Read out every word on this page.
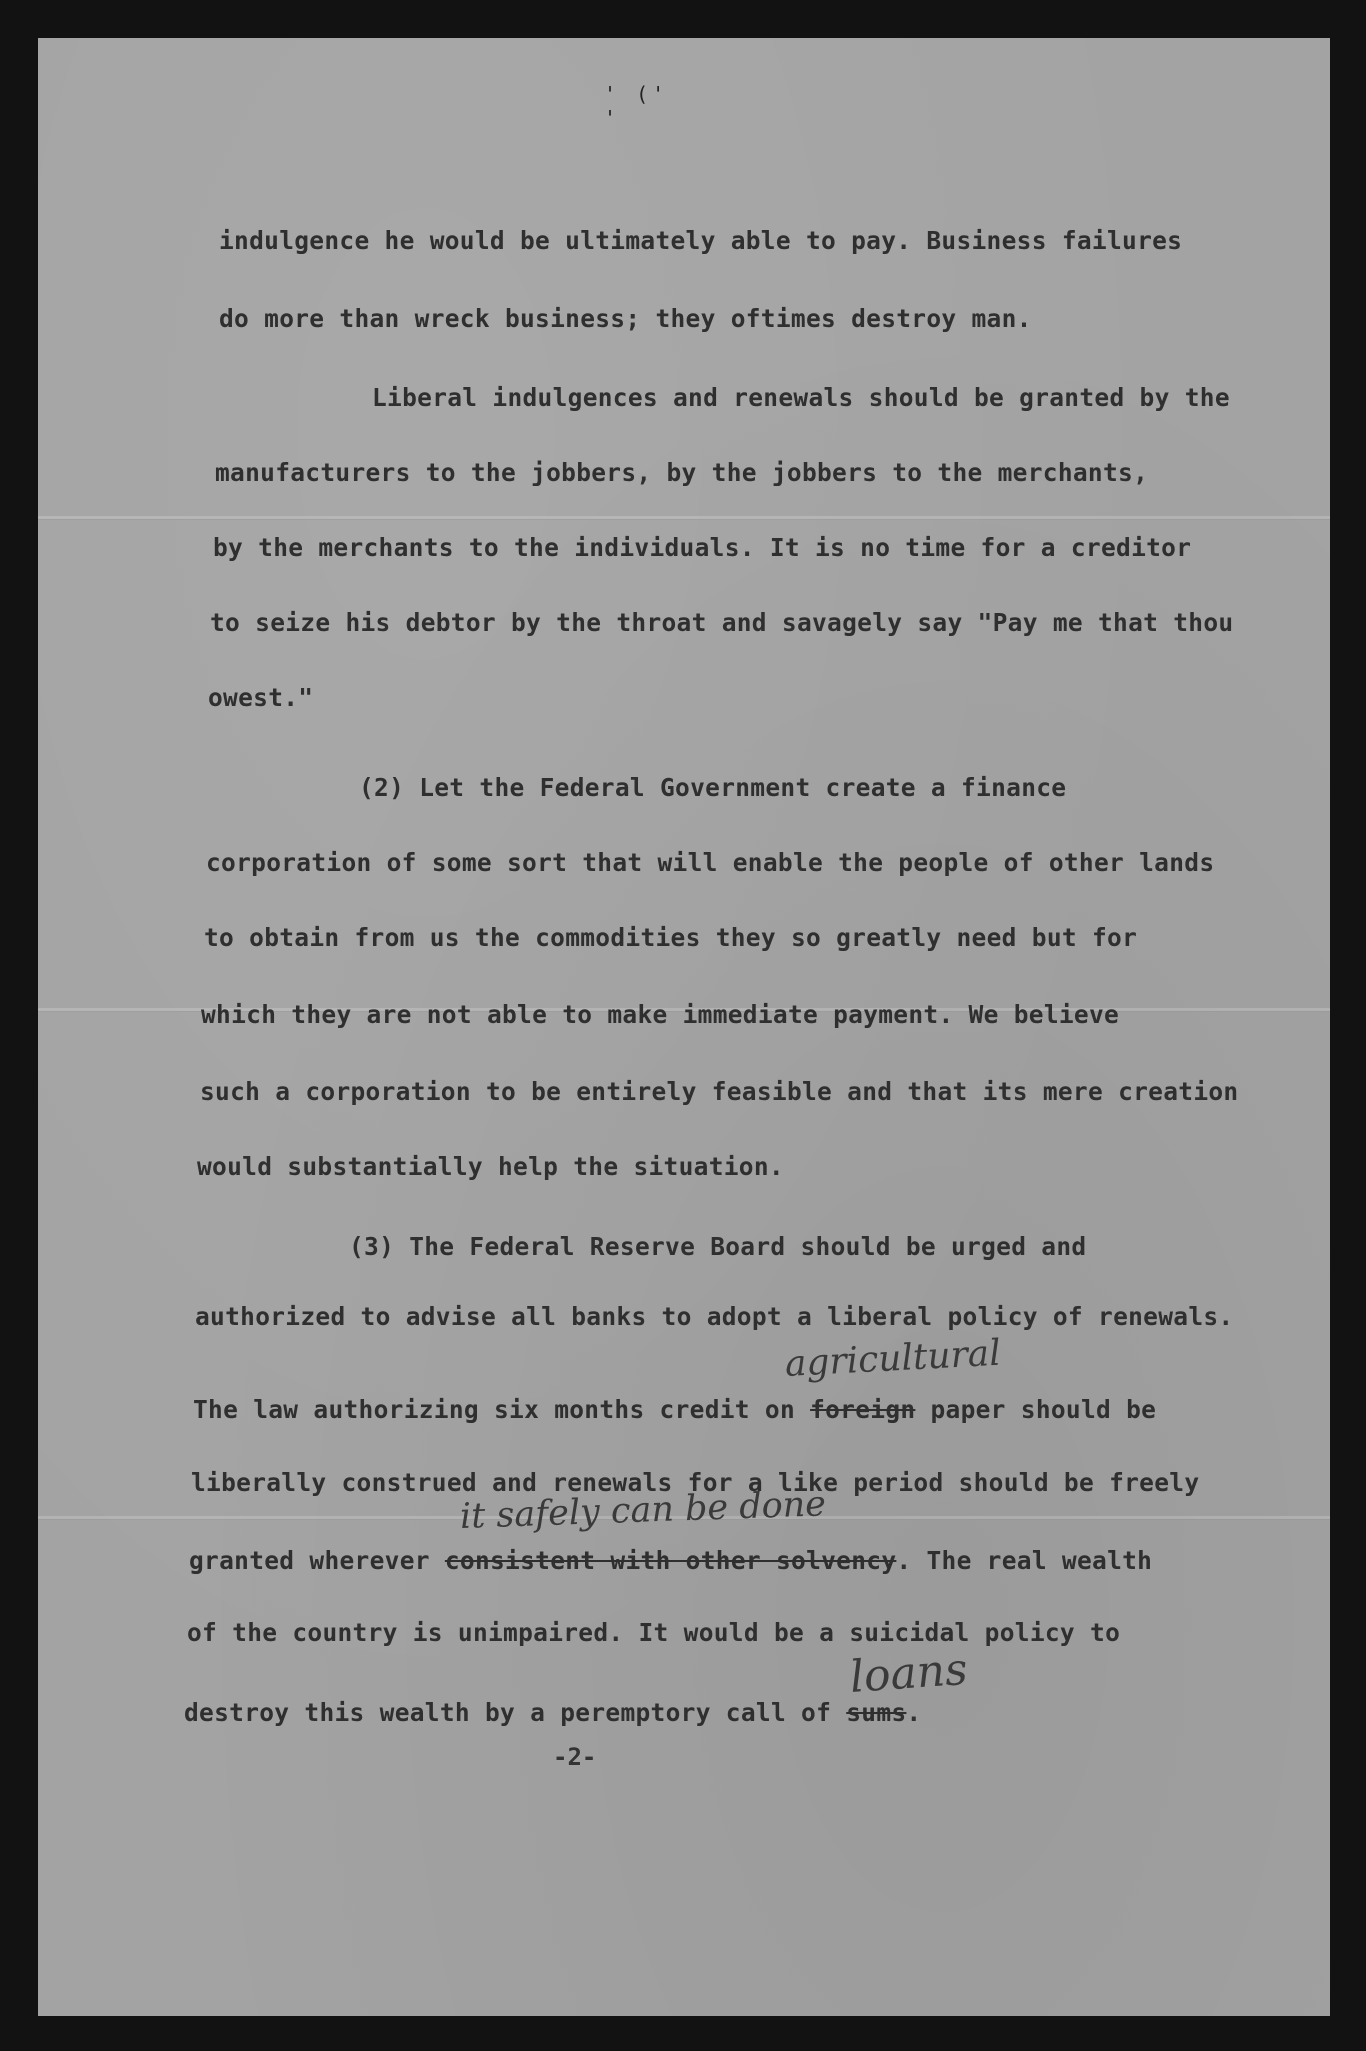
' (' '
indulgence he would be ultimately able to pay. Business failures
do more than wreck business; they oftimes destroy man.
Liberal indulgences and renewals should be granted by the
manufacturers to the jobbers, by the jobbers to the merchants,
by the merchants to the individuals. It is no time for a creditor
to seize his debtor by the throat and savagely say "Pay me that thou
owest."
(2) Let the Federal Government create a finance
corporation of some sort that will enable the people of other lands
to obtain from us the commodities they so greatly need but for
which they are not able to make immediate payment. We believe
such a corporation to be entirely feasible and that its mere creation
would substantially help the situation.
(3) The Federal Reserve Board should be urged and
authorized to advise all banks to adopt a liberal policy of renewals.
agricultural
The law authorizing six months credit on foreign paper should be
liberally construed and renewals for a like period should be freely
it safely can be done
granted wherever consistent with other solvency. The real wealth
of the country is unimpaired. It would be a suicidal policy to
loans
destroy this wealth by a peremptory call of sums.
-2-
